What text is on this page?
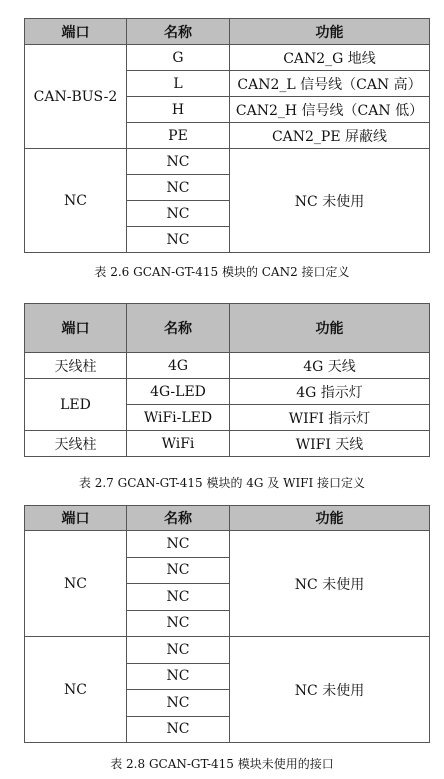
端口	名称	功能
CAN-BUS-2	G	CAN2_G 地线
	L	CAN2_L 信号线（CAN 高）
	H	CAN2_H 信号线（CAN 低）
	PE	CAN2_PE 屏蔽线
NC	NC	NC 未使用
	NC	
	NC	
	NC	
表 2.6 GCAN-GT-415 模块的 CAN2 接口定义
端口	名称	功能
天线柱	4G	4G 天线
LED	4G-LED	4G 指示灯
	WiFi-LED	WIFI 指示灯
天线柱	WiFi	WIFI 天线
表 2.7 GCAN-GT-415 模块的 4G 及 WIFI 接口定义
端口	名称	功能
NC	NC	NC 未使用
	NC	
	NC	
	NC	
NC	NC	NC 未使用
	NC	
	NC	
	NC	
表 2.8 GCAN-GT-415 模块未使用的接口
